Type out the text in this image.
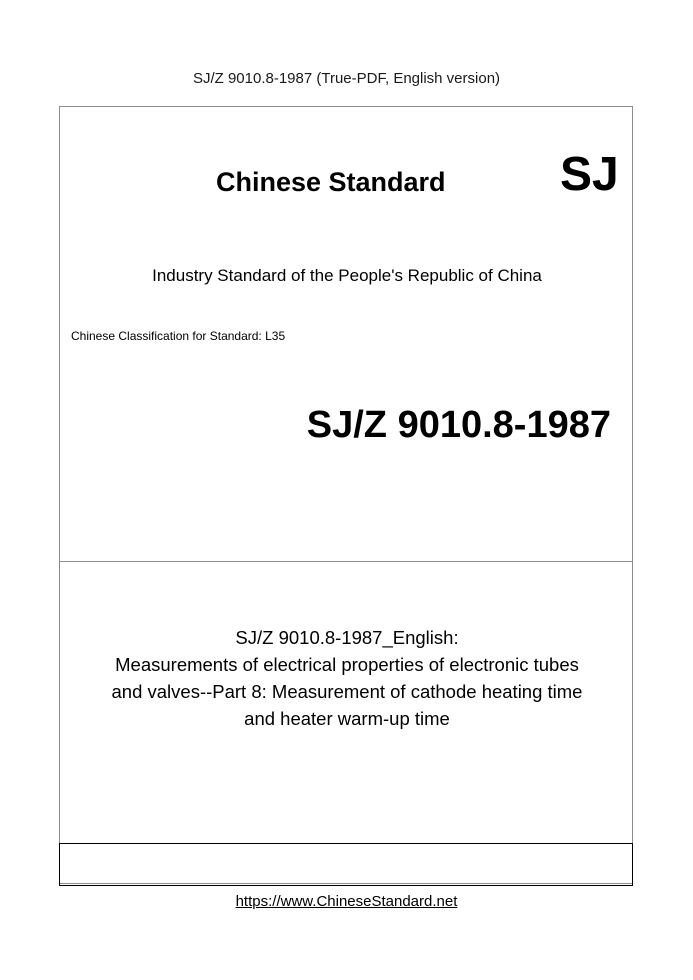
SJ/Z 9010.8-1987 (True-PDF, English version)
Chinese Standard SJ
Industry Standard of the People's Republic of China
Chinese Classification for Standard: L35
SJ/Z 9010.8-1987
SJ/Z 9010.8-1987_English:
Measurements of electrical properties of electronic tubes
and valves--Part 8: Measurement of cathode heating time
and heater warm-up time
https://www.ChineseStandard.net
